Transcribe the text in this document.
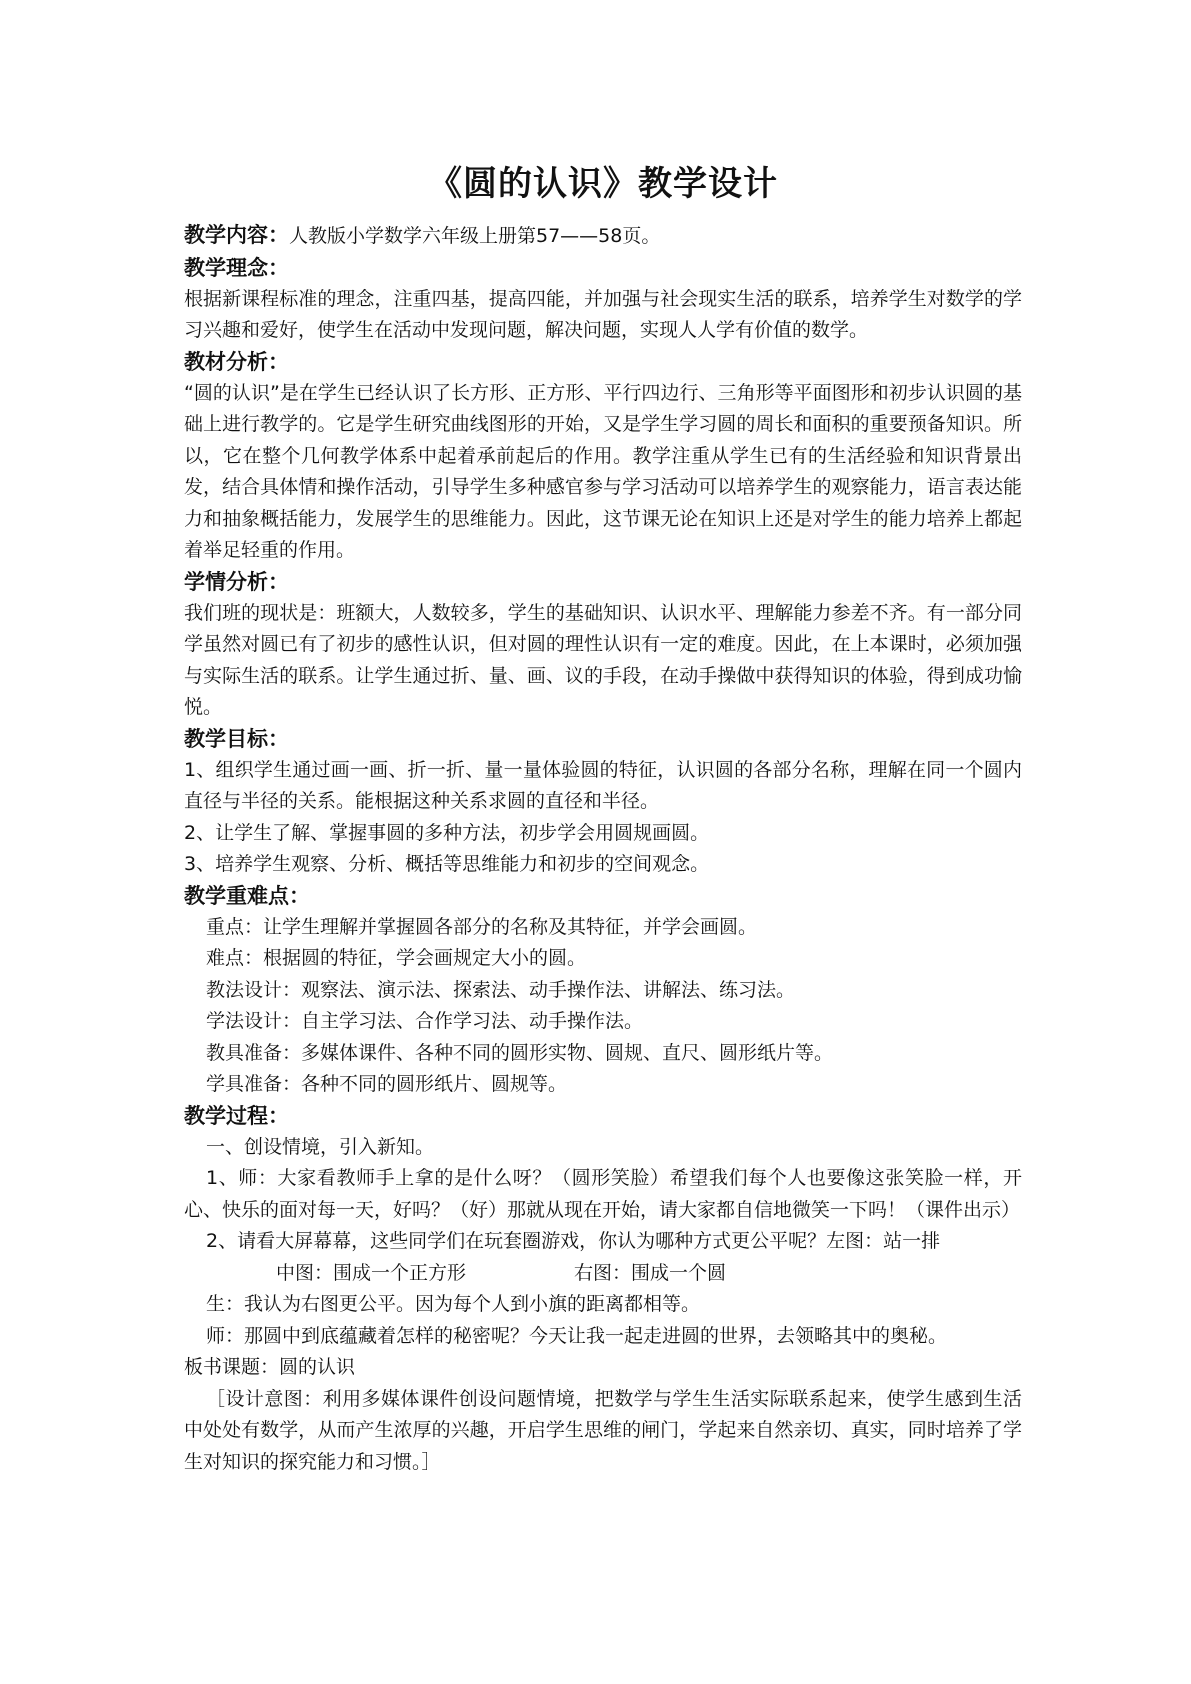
《圆的认识》教学设计

教学内容：人教版小学数学六年级上册第57——58页。

教学理念：

根据新课程标准的理念，注重四基，提高四能，并加强与社会现实生活的联系，培养学生对数学的学习兴趣和爱好，使学生在活动中发现问题，解决问题，实现人人学有价值的数学。

教材分析：

“圆的认识”是在学生已经认识了长方形、正方形、平行四边行、三角形等平面图形和初步认识圆的基础上进行教学的。它是学生研究曲线图形的开始，又是学生学习圆的周长和面积的重要预备知识。所以，它在整个几何教学体系中起着承前起后的作用。教学注重从学生已有的生活经验和知识背景出发，结合具体情和操作活动，引导学生多种感官参与学习活动可以培养学生的观察能力，语言表达能力和抽象概括能力，发展学生的思维能力。因此，这节课无论在知识上还是对学生的能力培养上都起着举足轻重的作用。

学情分析：

我们班的现状是：班额大，人数较多，学生的基础知识、认识水平、理解能力参差不齐。有一部分同学虽然对圆已有了初步的感性认识，但对圆的理性认识有一定的难度。因此，在上本课时，必须加强与实际生活的联系。让学生通过折、量、画、议的手段，在动手操做中获得知识的体验，得到成功愉悦。

教学目标：

1、组织学生通过画一画、折一折、量一量体验圆的特征，认识圆的各部分名称，理解在同一个圆内直径与半径的关系。能根据这种关系求圆的直径和半径。

2、让学生了解、掌握事圆的多种方法，初步学会用圆规画圆。

3、培养学生观察、分析、概括等思维能力和初步的空间观念。

教学重难点：

重点：让学生理解并掌握圆各部分的名称及其特征，并学会画圆。

难点：根据圆的特征，学会画规定大小的圆。

教法设计：观察法、演示法、探索法、动手操作法、讲解法、练习法。

学法设计：自主学习法、合作学习法、动手操作法。

教具准备：多媒体课件、各种不同的圆形实物、圆规、直尺、圆形纸片等。

学具准备：各种不同的圆形纸片、圆规等。

教学过程：

一、创设情境，引入新知。

1、师：大家看教师手上拿的是什么呀？（圆形笑脸）希望我们每个人也要像这张笑脸一样，开心、快乐的面对每一天，好吗？（好）那就从现在开始，请大家都自信地微笑一下吗！（课件出示）

2、请看大屏幕幕，这些同学们在玩套圈游戏，你认为哪种方式更公平呢？左图：站一排

中图：围成一个正方形	右图：围成一个圆

生：我认为右图更公平。因为每个人到小旗的距离都相等。

师：那圆中到底蕴藏着怎样的秘密呢？今天让我一起走进圆的世界，去领略其中的奥秘。

板书课题：圆的认识

［设计意图：利用多媒体课件创设问题情境，把数学与学生生活实际联系起来，使学生感到生活中处处有数学，从而产生浓厚的兴趣，开启学生思维的闸门，学起来自然亲切、真实，同时培养了学生对知识的探究能力和习惯。］
